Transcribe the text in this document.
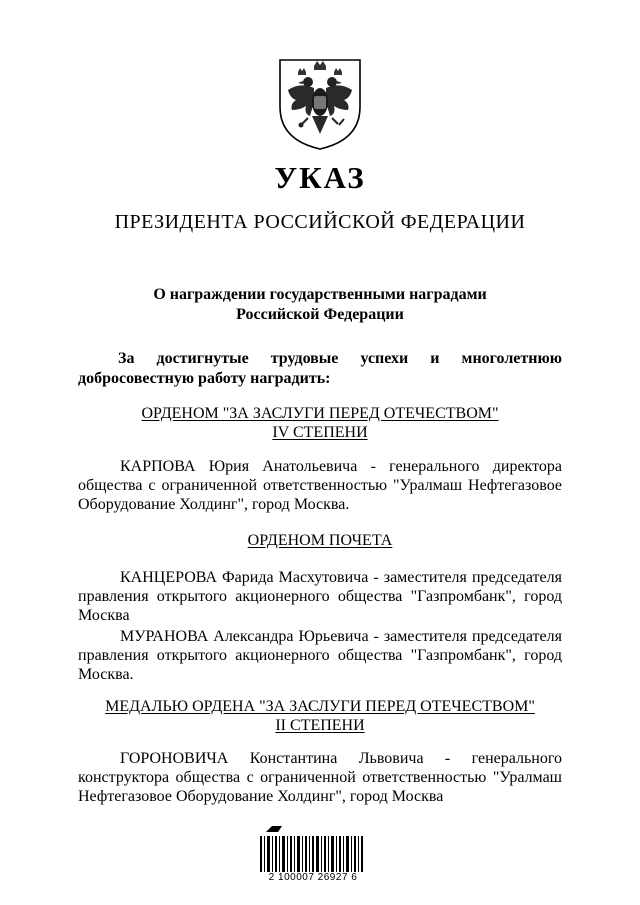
УКАЗ
ПРЕЗИДЕНТА РОССИЙСКОЙ ФЕДЕРАЦИИ
О награждении государственными наградами
Российской Федерации
За достигнутые трудовые успехи и многолетнюю
добросовестную работу наградить:
ОРДЕНОМ "ЗА ЗАСЛУГИ ПЕРЕД ОТЕЧЕСТВОМ"
IV СТЕПЕНИ
КАРПОВА Юрия Анатольевича - генерального директора общества с ограниченной ответственностью "Уралмаш Нефтегазовое Оборудование Холдинг", город Москва.
ОРДЕНОМ ПОЧЕТА
КАНЦЕРОВА Фарида Масхутовича - заместителя председателя правления открытого акционерного общества "Газпромбанк", город Москва
МУРАНОВА Александра Юрьевича - заместителя председателя правления открытого акционерного общества "Газпромбанк", город Москва.
МЕДАЛЬЮ ОРДЕНА "ЗА ЗАСЛУГИ ПЕРЕД ОТЕЧЕСТВОМ"
II СТЕПЕНИ
ГОРОНОВИЧА Константина Львовича - генерального конструктора общества с ограниченной ответственностью "Уралмаш Нефтегазовое Оборудование Холдинг", город Москва
2 100007 26927 6
